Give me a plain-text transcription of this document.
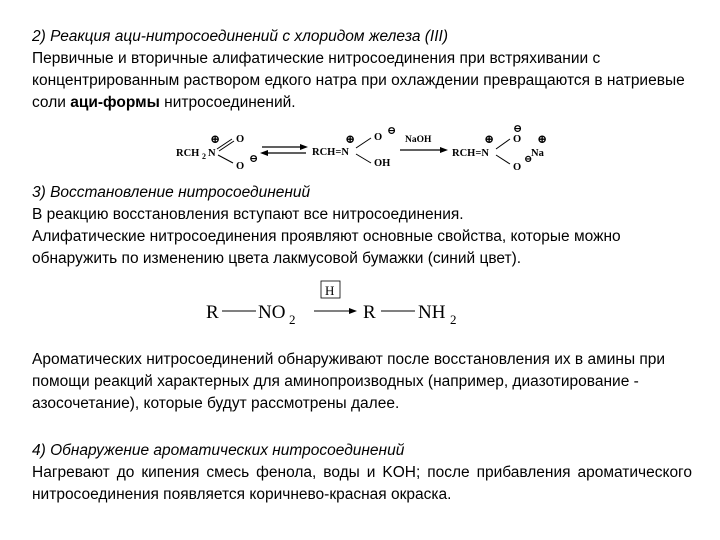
2) Реакция аци-нитросоединений с хлоридом железа (III)
Первичные и вторичные алифатические нитросоединения при встряхивании с концентрированным раствором едкого натра при охлаждении превращаются в натриевые соли аци-формы нитросоединений.
RCH 2 N
⊕ O
O
⊖
RCH=N
⊕ O
⊖
OH
NaOH
RCH=N
⊕ O
⊖
O
⊖
⊕
Na
R NO 2
H
R NH 2
3) Восстановление нитросоединений
В реакцию восстановления вступают все нитросоединения.
Алифатические нитросоединения проявляют основные свойства, которые можно обнаружить по изменению цвета лакмусовой бумажки (синий цвет).
Ароматических нитросоединений обнаруживают после восстановления их в амины при помощи реакций характерных для аминопроизводных (например, диазотирование - азосочетание), которые будут рассмотрены далее.
4) Обнаружение ароматических нитросоединений
Нагревают до кипения смесь фенола, воды и KOH; после прибавления ароматического нитросоединения появляется коричнево-красная окраска.
